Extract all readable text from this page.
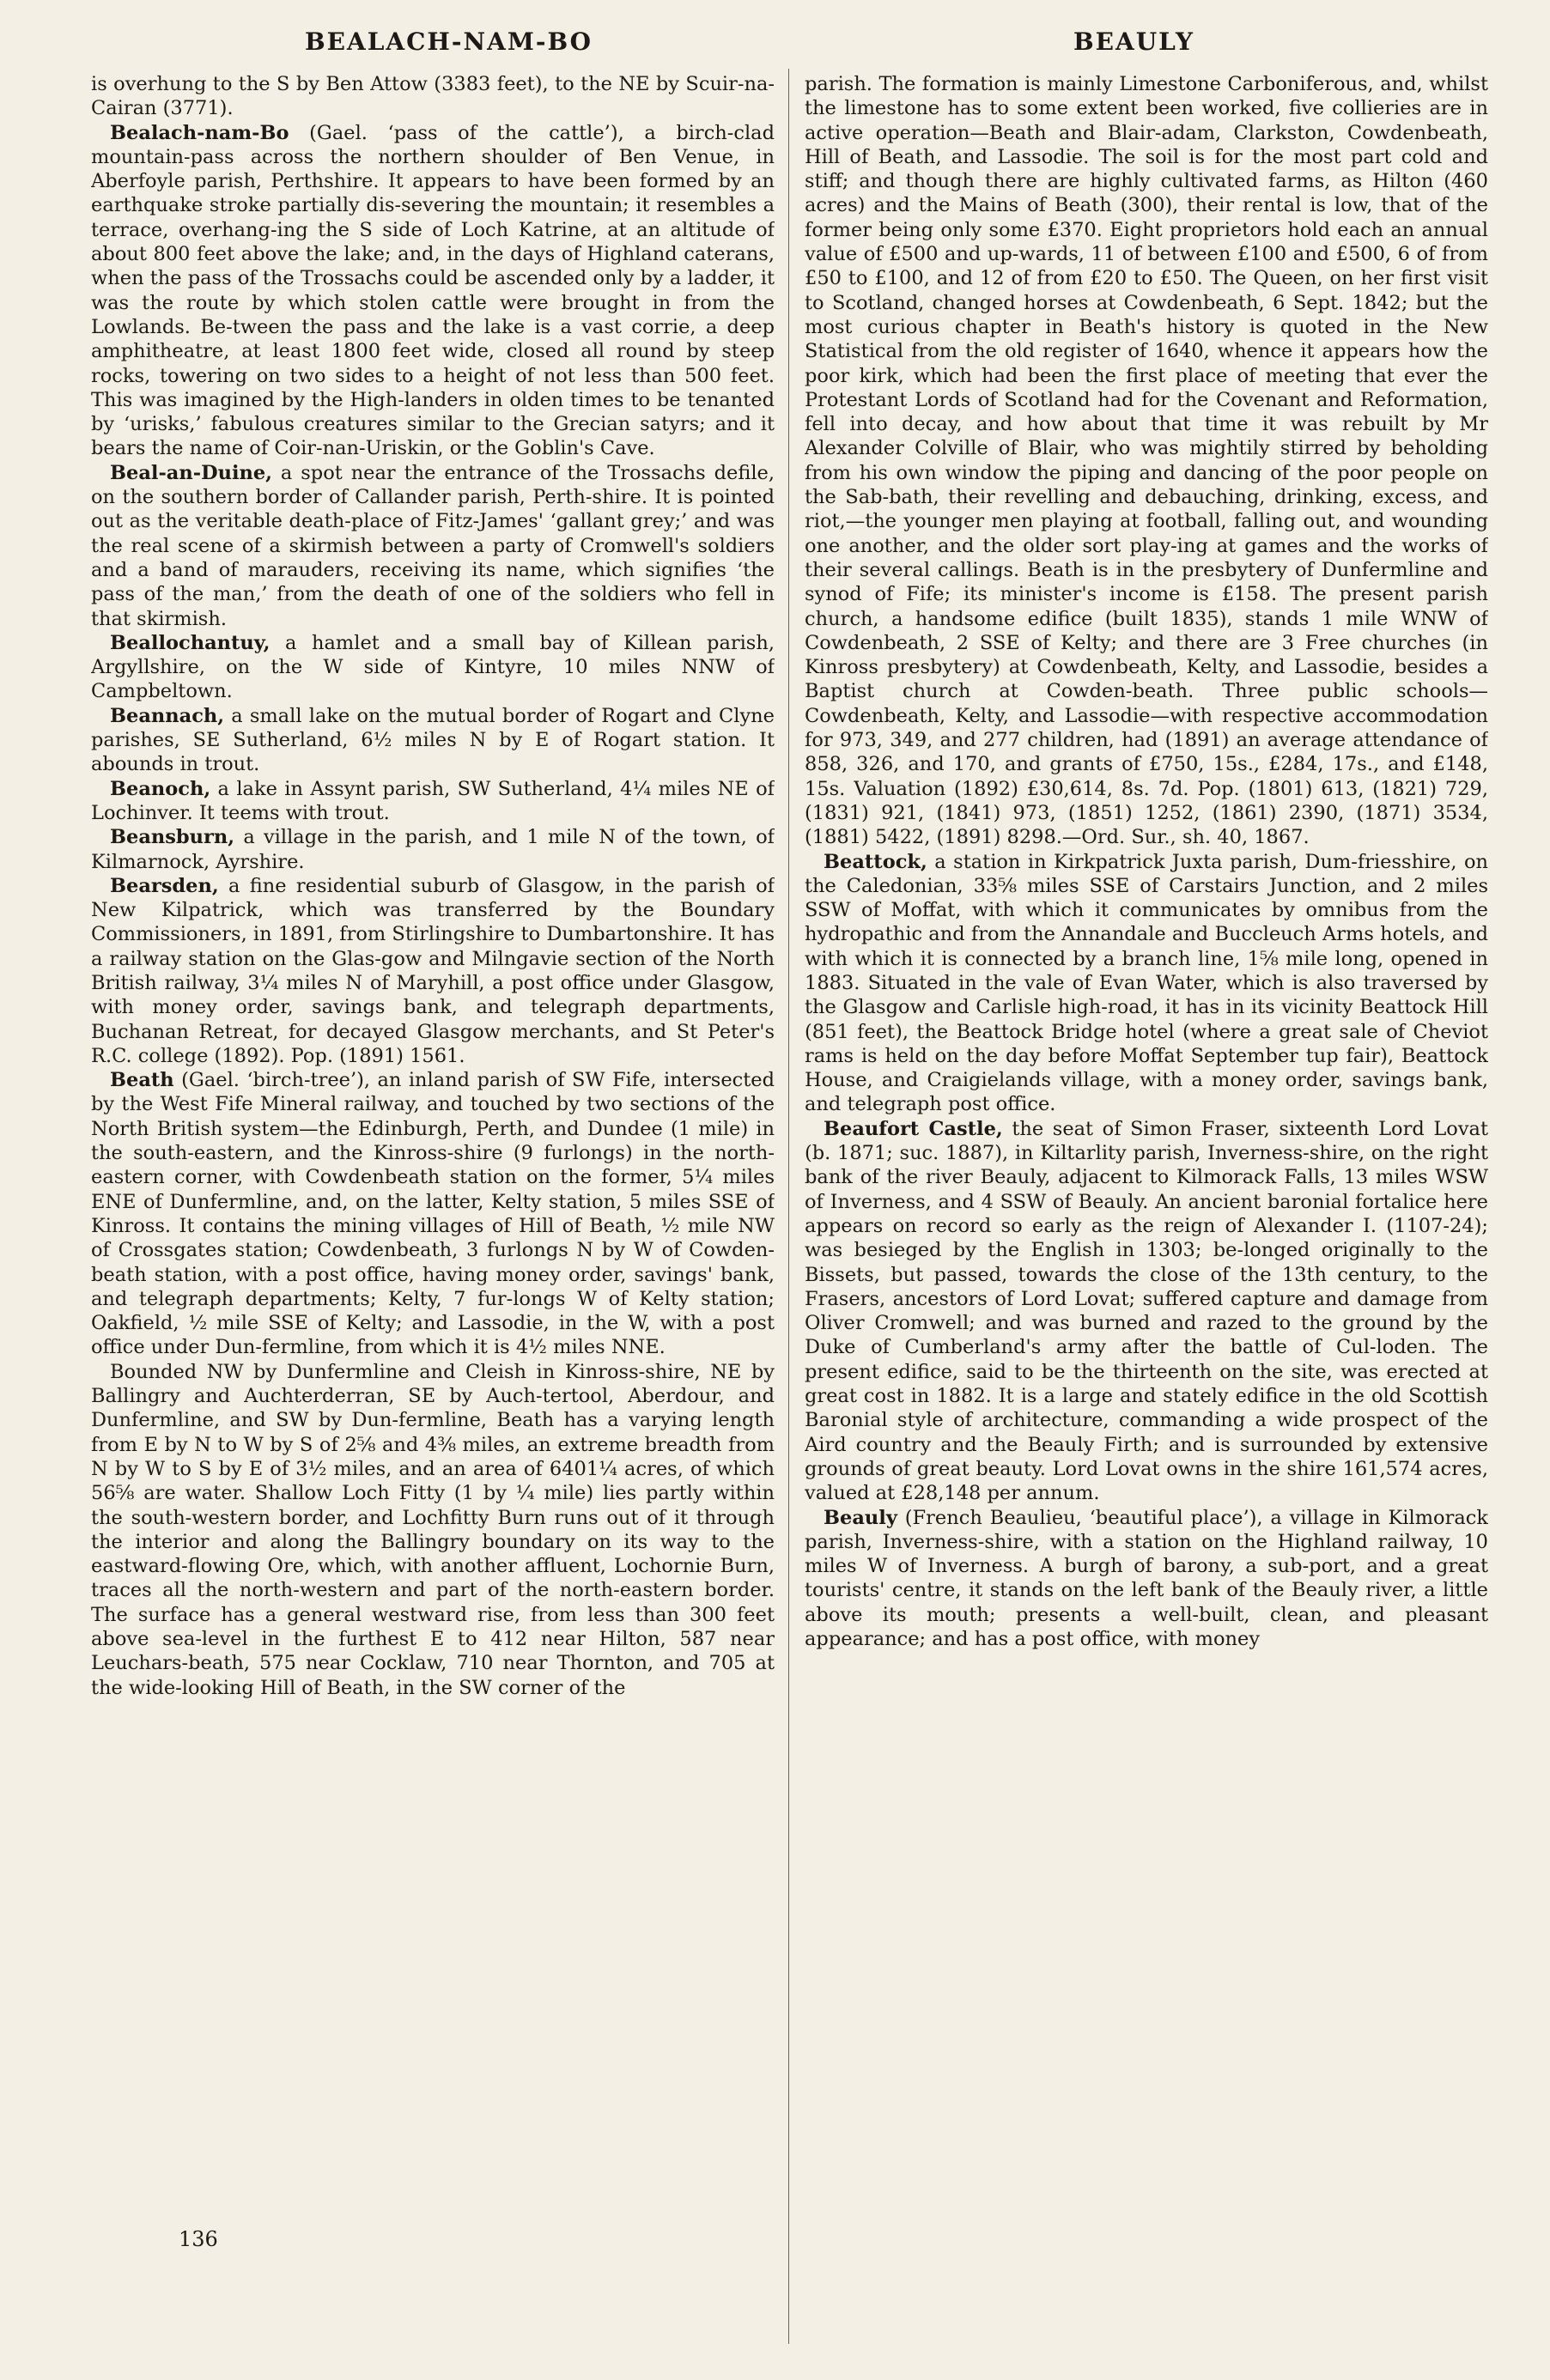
BEALACH-NAM-BO	BEAULY

is overhung to the S by Ben Attow (3383 feet), to the NE by Scuir-na-Cairan (3771).

Bealach-nam-Bo (Gael. ‘pass of the cattle’), a birch-clad mountain-pass across the northern shoulder of Ben Venue, in Aberfoyle parish, Perthshire. It appears to have been formed by an earthquake stroke partially dis-severing the mountain; it resembles a terrace, overhang-ing the S side of Loch Katrine, at an altitude of about 800 feet above the lake; and, in the days of Highland caterans, when the pass of the Trossachs could be ascended only by a ladder, it was the route by which stolen cattle were brought in from the Lowlands. Be-tween the pass and the lake is a vast corrie, a deep amphitheatre, at least 1800 feet wide, closed all round by steep rocks, towering on two sides to a height of not less than 500 feet. This was imagined by the High-landers in olden times to be tenanted by ‘urisks,’ fabulous creatures similar to the Grecian satyrs; and it bears the name of Coir-nan-Uriskin, or the Goblin's Cave.

Beal-an-Duine, a spot near the entrance of the Trossachs defile, on the southern border of Callander parish, Perth-shire. It is pointed out as the veritable death-place of Fitz-James' ‘gallant grey;’ and was the real scene of a skirmish between a party of Cromwell's soldiers and a band of marauders, receiving its name, which signifies ‘the pass of the man,’ from the death of one of the soldiers who fell in that skirmish.

Beallochantuy, a hamlet and a small bay of Killean parish, Argyllshire, on the W side of Kintyre, 10 miles NNW of Campbeltown.

Beannach, a small lake on the mutual border of Rogart and Clyne parishes, SE Sutherland, 6½ miles N by E of Rogart station. It abounds in trout.

Beanoch, a lake in Assynt parish, SW Sutherland, 4¼ miles NE of Lochinver. It teems with trout.

Beansburn, a village in the parish, and 1 mile N of the town, of Kilmarnock, Ayrshire.

Bearsden, a fine residential suburb of Glasgow, in the parish of New Kilpatrick, which was transferred by the Boundary Commissioners, in 1891, from Stirlingshire to Dumbartonshire. It has a railway station on the Glas-gow and Milngavie section of the North British railway, 3¼ miles N of Maryhill, a post office under Glasgow, with money order, savings bank, and telegraph departments, Buchanan Retreat, for decayed Glasgow merchants, and St Peter's R.C. college (1892). Pop. (1891) 1561.

Beath (Gael. ‘birch-tree’), an inland parish of SW Fife, intersected by the West Fife Mineral railway, and touched by two sections of the North British system—the Edinburgh, Perth, and Dundee (1 mile) in the south-eastern, and the Kinross-shire (9 furlongs) in the north-eastern corner, with Cowdenbeath station on the former, 5¼ miles ENE of Dunfermline, and, on the latter, Kelty station, 5 miles SSE of Kinross. It contains the mining villages of Hill of Beath, ½ mile NW of Crossgates station; Cowdenbeath, 3 furlongs N by W of Cowden-beath station, with a post office, having money order, savings' bank, and telegraph departments; Kelty, 7 fur-longs W of Kelty station; Oakfield, ½ mile SSE of Kelty; and Lassodie, in the W, with a post office under Dun-fermline, from which it is 4½ miles NNE.

Bounded NW by Dunfermline and Cleish in Kinross-shire, NE by Ballingry and Auchterderran, SE by Auch-tertool, Aberdour, and Dunfermline, and SW by Dun-fermline, Beath has a varying length from E by N to W by S of 2⅝ and 4⅜ miles, an extreme breadth from N by W to S by E of 3½ miles, and an area of 6401¼ acres, of which 56⅝ are water. Shallow Loch Fitty (1 by ¼ mile) lies partly within the south-western border, and Lochfitty Burn runs out of it through the interior and along the Ballingry boundary on its way to the eastward-flowing Ore, which, with another affluent, Lochornie Burn, traces all the north-western and part of the north-eastern border. The surface has a general westward rise, from less than 300 feet above sea-level in the furthest E to 412 near Hilton, 587 near Leuchars-beath, 575 near Cocklaw, 710 near Thornton, and 705 at the wide-looking Hill of Beath, in the SW corner of the

parish. The formation is mainly Limestone Carboniferous, and, whilst the limestone has to some extent been worked, five collieries are in active operation—Beath and Blair-adam, Clarkston, Cowdenbeath, Hill of Beath, and Lassodie. The soil is for the most part cold and stiff; and though there are highly cultivated farms, as Hilton (460 acres) and the Mains of Beath (300), their rental is low, that of the former being only some £370. Eight proprietors hold each an annual value of £500 and up-wards, 11 of between £100 and £500, 6 of from £50 to £100, and 12 of from £20 to £50. The Queen, on her first visit to Scotland, changed horses at Cowdenbeath, 6 Sept. 1842; but the most curious chapter in Beath's history is quoted in the New Statistical from the old register of 1640, whence it appears how the poor kirk, which had been the first place of meeting that ever the Protestant Lords of Scotland had for the Covenant and Reformation, fell into decay, and how about that time it was rebuilt by Mr Alexander Colville of Blair, who was mightily stirred by beholding from his own window the piping and dancing of the poor people on the Sab-bath, their revelling and debauching, drinking, excess, and riot,—the younger men playing at football, falling out, and wounding one another, and the older sort play-ing at games and the works of their several callings. Beath is in the presbytery of Dunfermline and synod of Fife; its minister's income is £158. The present parish church, a handsome edifice (built 1835), stands 1 mile WNW of Cowdenbeath, 2 SSE of Kelty; and there are 3 Free churches (in Kinross presbytery) at Cowdenbeath, Kelty, and Lassodie, besides a Baptist church at Cowden-beath. Three public schools—Cowdenbeath, Kelty, and Lassodie—with respective accommodation for 973, 349, and 277 children, had (1891) an average attendance of 858, 326, and 170, and grants of £750, 15s., £284, 17s., and £148, 15s. Valuation (1892) £30,614, 8s. 7d. Pop. (1801) 613, (1821) 729, (1831) 921, (1841) 973, (1851) 1252, (1861) 2390, (1871) 3534, (1881) 5422, (1891) 8298.—Ord. Sur., sh. 40, 1867.

Beattock, a station in Kirkpatrick Juxta parish, Dum-friesshire, on the Caledonian, 33⅝ miles SSE of Carstairs Junction, and 2 miles SSW of Moffat, with which it communicates by omnibus from the hydropathic and from the Annandale and Buccleuch Arms hotels, and with which it is connected by a branch line, 1⅝ mile long, opened in 1883. Situated in the vale of Evan Water, which is also traversed by the Glasgow and Carlisle high-road, it has in its vicinity Beattock Hill (851 feet), the Beattock Bridge hotel (where a great sale of Cheviot rams is held on the day before Moffat September tup fair), Beattock House, and Craigielands village, with a money order, savings bank, and telegraph post office.

Beaufort Castle, the seat of Simon Fraser, sixteenth Lord Lovat (b. 1871; suc. 1887), in Kiltarlity parish, Inverness-shire, on the right bank of the river Beauly, adjacent to Kilmorack Falls, 13 miles WSW of Inverness, and 4 SSW of Beauly. An ancient baronial fortalice here appears on record so early as the reign of Alexander I. (1107-24); was besieged by the English in 1303; be-longed originally to the Bissets, but passed, towards the close of the 13th century, to the Frasers, ancestors of Lord Lovat; suffered capture and damage from Oliver Cromwell; and was burned and razed to the ground by the Duke of Cumberland's army after the battle of Cul-loden. The present edifice, said to be the thirteenth on the site, was erected at great cost in 1882. It is a large and stately edifice in the old Scottish Baronial style of architecture, commanding a wide prospect of the Aird country and the Beauly Firth; and is surrounded by extensive grounds of great beauty. Lord Lovat owns in the shire 161,574 acres, valued at £28,148 per annum.

Beauly (French Beaulieu, ‘beautiful place’), a village in Kilmorack parish, Inverness-shire, with a station on the Highland railway, 10 miles W of Inverness. A burgh of barony, a sub-port, and a great tourists' centre, it stands on the left bank of the Beauly river, a little above its mouth; presents a well-built, clean, and pleasant appearance; and has a post office, with money

136
